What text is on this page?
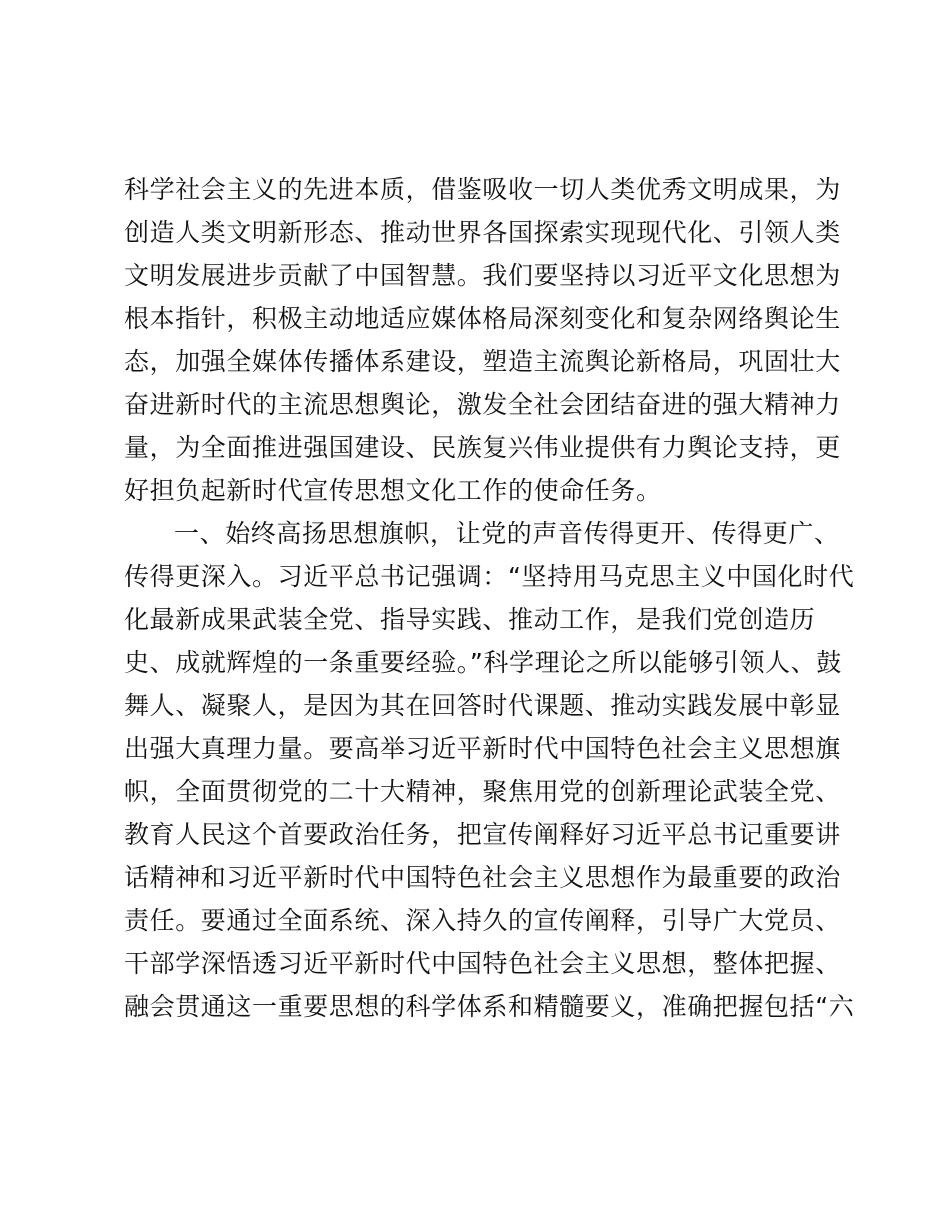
科学社会主义的先进本质，借鉴吸收一切人类优秀文明成果，为
创造人类文明新形态、推动世界各国探索实现现代化、引领人类
文明发展进步贡献了中国智慧。我们要坚持以习近平文化思想为
根本指针，积极主动地适应媒体格局深刻变化和复杂网络舆论生
态，加强全媒体传播体系建设，塑造主流舆论新格局，巩固壮大
奋进新时代的主流思想舆论，激发全社会团结奋进的强大精神力
量，为全面推进强国建设、民族复兴伟业提供有力舆论支持，更
好担负起新时代宣传思想文化工作的使命任务。
一、始终高扬思想旗帜，让党的声音传得更开、传得更广、
传得更深入。习近平总书记强调：“坚持用马克思主义中国化时代
化最新成果武装全党、指导实践、推动工作，是我们党创造历
史、成就辉煌的一条重要经验。”科学理论之所以能够引领人、鼓
舞人、凝聚人，是因为其在回答时代课题、推动实践发展中彰显
出强大真理力量。要高举习近平新时代中国特色社会主义思想旗
帜，全面贯彻党的二十大精神，聚焦用党的创新理论武装全党、
教育人民这个首要政治任务，把宣传阐释好习近平总书记重要讲
话精神和习近平新时代中国特色社会主义思想作为最重要的政治
责任。要通过全面系统、深入持久的宣传阐释，引导广大党员、
干部学深悟透习近平新时代中国特色社会主义思想，整体把握、
融会贯通这一重要思想的科学体系和精髓要义，准确把握包括“六
